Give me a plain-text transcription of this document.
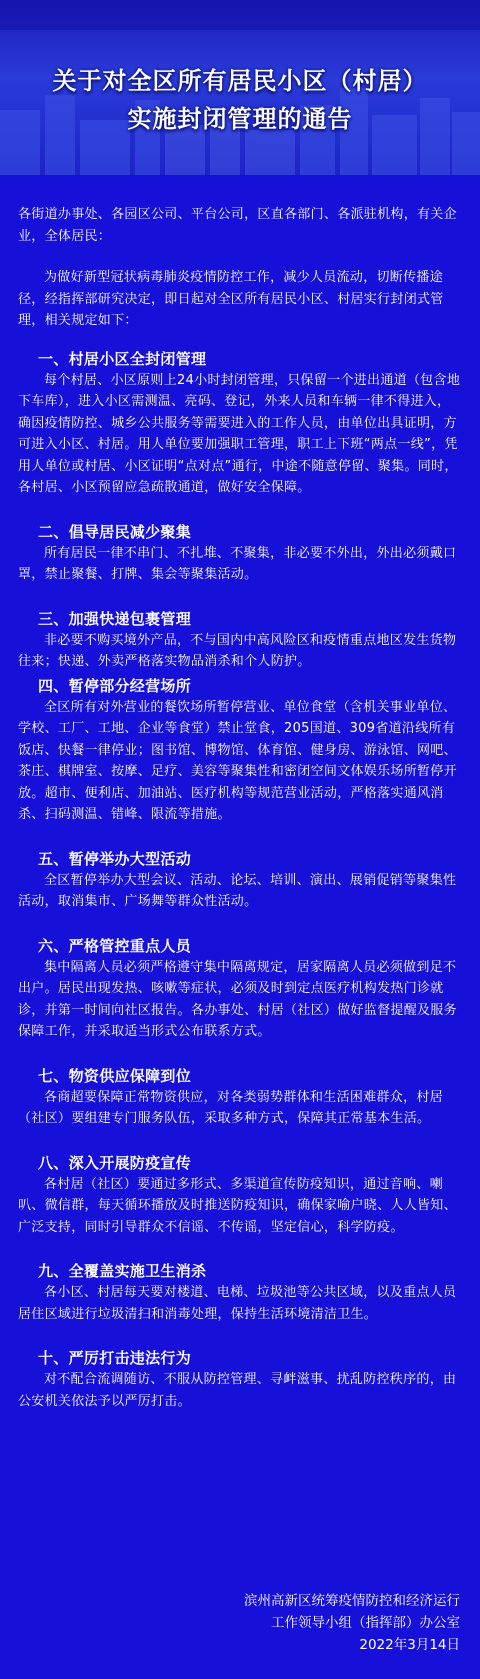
关于对全区所有居民小区（村居）
实施封闭管理的通告

各街道办事处、各园区公司、平台公司，区直各部门、各派驻机构，有关企业，全体居民：

为做好新型冠状病毒肺炎疫情防控工作，减少人员流动，切断传播途径，经指挥部研究决定，即日起对全区所有居民小区、村居实行封闭式管理，相关规定如下：

一、村居小区全封闭管理

每个村居、小区原则上24小时封闭管理，只保留一个进出通道（包含地下车库），进入小区需测温、亮码、登记，外来人员和车辆一律不得进入，确因疫情防控、城乡公共服务等需要进入的工作人员，由单位出具证明，方可进入小区、村居。用人单位要加强职工管理，职工上下班“两点一线”，凭用人单位或村居、小区证明“点对点”通行，中途不随意停留、聚集。同时，各村居、小区预留应急疏散通道，做好安全保障。

二、倡导居民减少聚集

所有居民一律不串门、不扎堆、不聚集，非必要不外出，外出必须戴口罩，禁止聚餐、打牌、集会等聚集活动。

三、加强快递包裹管理

非必要不购买境外产品，不与国内中高风险区和疫情重点地区发生货物往来；快递、外卖严格落实物品消杀和个人防护。

四、暂停部分经营场所

全区所有对外营业的餐饮场所暂停营业、单位食堂（含机关事业单位、学校、工厂、工地、企业等食堂）禁止堂食，205国道、309省道沿线所有饭店、快餐一律停业；图书馆、博物馆、体育馆、健身房、游泳馆、网吧、茶庄、棋牌室、按摩、足疗、美容等聚集性和密闭空间文体娱乐场所暂停开放。超市、便利店、加油站、医疗机构等规范营业活动，严格落实通风消杀、扫码测温、错峰、限流等措施。

五、暂停举办大型活动

全区暂停举办大型会议、活动、论坛、培训、演出、展销促销等聚集性活动，取消集市、广场舞等群众性活动。

六、严格管控重点人员

集中隔离人员必须严格遵守集中隔离规定，居家隔离人员必须做到足不出户。居民出现发热、咳嗽等症状，必须及时到定点医疗机构发热门诊就诊，并第一时间向社区报告。各办事处、村居（社区）做好监督提醒及服务保障工作，并采取适当形式公布联系方式。

七、物资供应保障到位

各商超要保障正常物资供应，对各类弱势群体和生活困难群众，村居（社区）要组建专门服务队伍，采取多种方式，保障其正常基本生活。

八、深入开展防疫宣传

各村居（社区）要通过多形式、多渠道宣传防疫知识，通过音响、喇叭、微信群，每天循环播放及时推送防疫知识，确保家喻户晓、人人皆知、广泛支持，同时引导群众不信谣、不传谣，坚定信心，科学防疫。

九、全覆盖实施卫生消杀

各小区、村居每天要对楼道、电梯、垃圾池等公共区域，以及重点人员居住区域进行垃圾清扫和消毒处理，保持生活环境清洁卫生。

十、严厉打击违法行为

对不配合流调随访、不服从防控管理、寻衅滋事、扰乱防控秩序的，由公安机关依法予以严厉打击。

滨州高新区统筹疫情防控和经济运行
工作领导小组（指挥部）办公室
2022年3月14日
